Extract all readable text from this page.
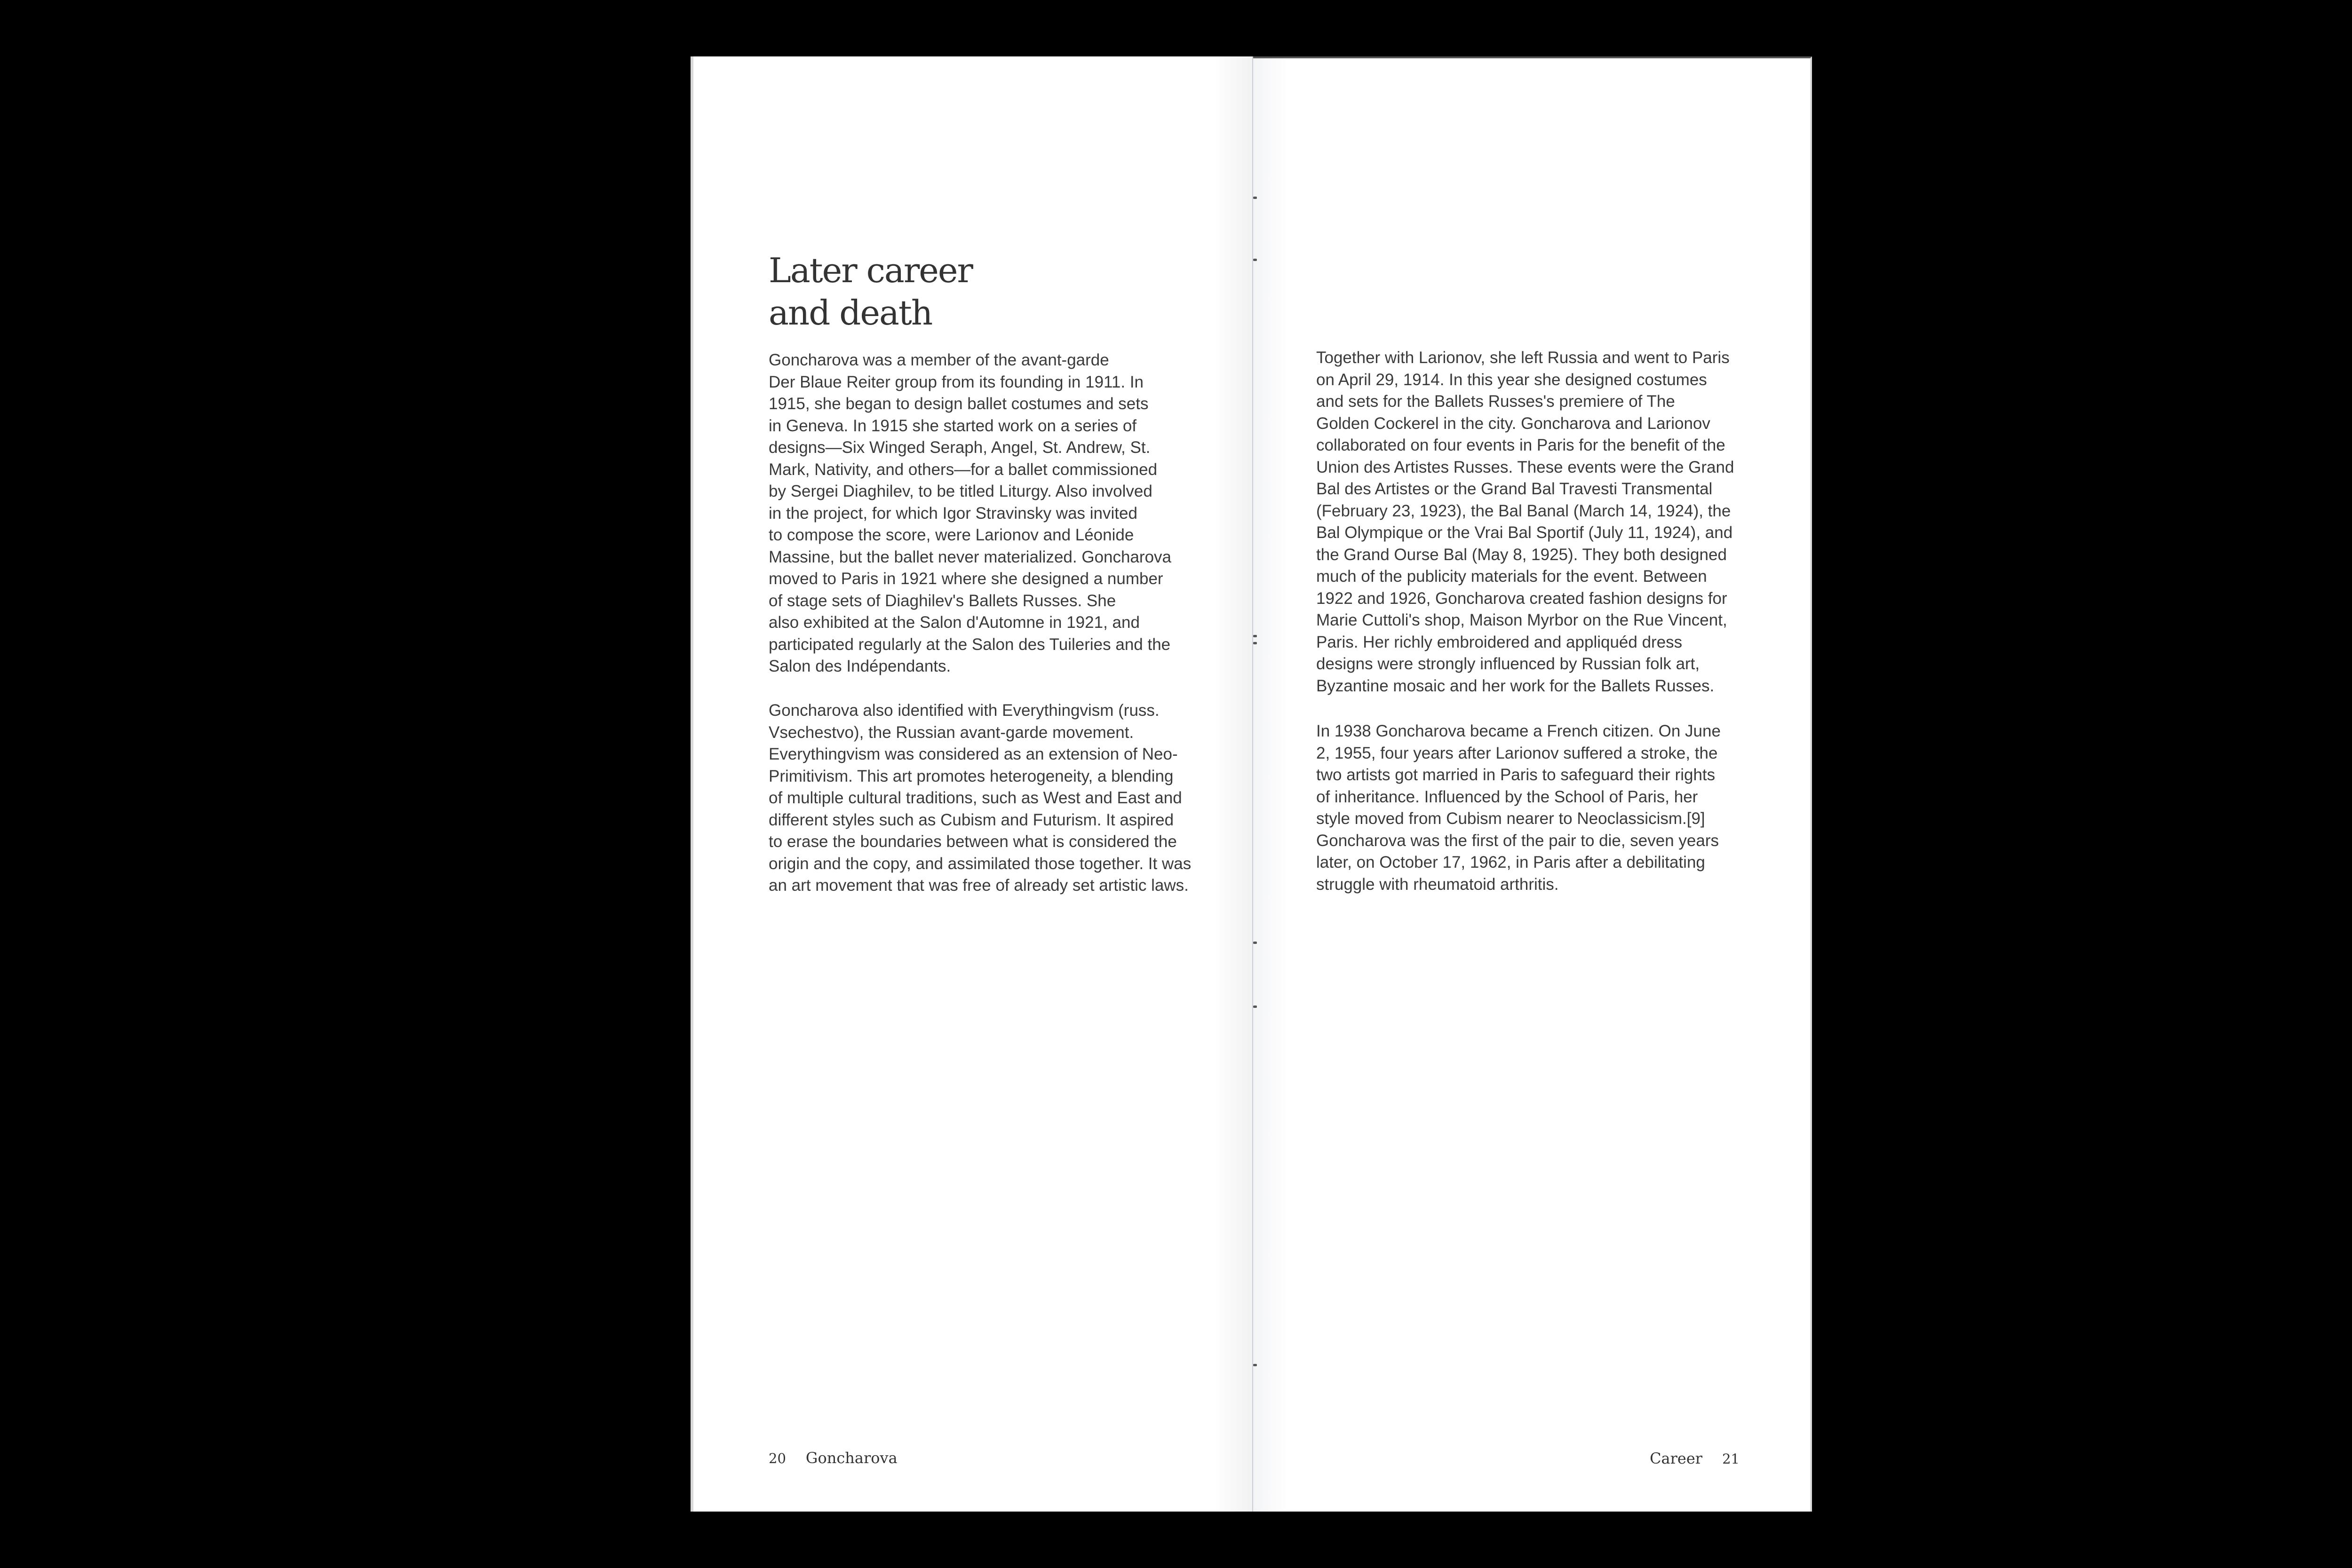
Later career
and death

Goncharova was a member of the avant-garde
Der Blaue Reiter group from its founding in 1911. In
1915, she began to design ballet costumes and sets
in Geneva. In 1915 she started work on a series of
designs—Six Winged Seraph, Angel, St. Andrew, St.
Mark, Nativity, and others—for a ballet commissioned
by Sergei Diaghilev, to be titled Liturgy. Also involved
in the project, for which Igor Stravinsky was invited
to compose the score, were Larionov and Léonide
Massine, but the ballet never materialized. Goncharova
moved to Paris in 1921 where she designed a number
of stage sets of Diaghilev's Ballets Russes. She
also exhibited at the Salon d'Automne in 1921, and
participated regularly at the Salon des Tuileries and the
Salon des Indépendants.

Goncharova also identified with Everythingvism (russ.
Vsechestvo), the Russian avant-garde movement.
Everythingvism was considered as an extension of Neo-
Primitivism. This art promotes heterogeneity, a blending
of multiple cultural traditions, such as West and East and
different styles such as Cubism and Futurism. It aspired
to erase the boundaries between what is considered the
origin and the copy, and assimilated those together. It was
an art movement that was free of already set artistic laws.

20 Goncharova

Together with Larionov, she left Russia and went to Paris
on April 29, 1914. In this year she designed costumes
and sets for the Ballets Russes's premiere of The
Golden Cockerel in the city. Goncharova and Larionov
collaborated on four events in Paris for the benefit of the
Union des Artistes Russes. These events were the Grand
Bal des Artistes or the Grand Bal Travesti Transmental
(February 23, 1923), the Bal Banal (March 14, 1924), the
Bal Olympique or the Vrai Bal Sportif (July 11, 1924), and
the Grand Ourse Bal (May 8, 1925). They both designed
much of the publicity materials for the event. Between
1922 and 1926, Goncharova created fashion designs for
Marie Cuttoli's shop, Maison Myrbor on the Rue Vincent,
Paris. Her richly embroidered and appliquéd dress
designs were strongly influenced by Russian folk art,
Byzantine mosaic and her work for the Ballets Russes.

In 1938 Goncharova became a French citizen. On June
2, 1955, four years after Larionov suffered a stroke, the
two artists got married in Paris to safeguard their rights
of inheritance. Influenced by the School of Paris, her
style moved from Cubism nearer to Neoclassicism.[9]
Goncharova was the first of the pair to die, seven years
later, on October 17, 1962, in Paris after a debilitating
struggle with rheumatoid arthritis.

Career 21
